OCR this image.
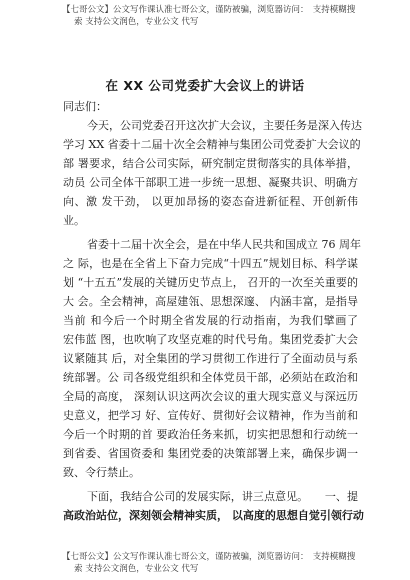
【七哥公文】公文写作课认准七哥公文，谨防被骗，浏览器访问：　支持模糊搜
索 支持公文润色，专业公文 代写
在 XX 公司党委扩大会议上的讲话
同志们：
今天，公司党委召开这次扩大会议，主要任务是深入传达
学习 XX 省委十二届十次全会精神与集团公司党委扩大会议的
部 署要求，结合公司实际，研究制定贯彻落实的具体举措，
动员 公司全体干部职工进一步统一思想、凝聚共识、明确方
向、激 发干劲， 以更加昂扬的姿态奋进新征程、开创新伟
业。
省委十二届十次全会，是在中华人民共和国成立 76 周年
之 际，也是在全省上下奋力完成“十四五”规划目标、科学谋
划 “十五五”发展的关键历史节点上， 召开的一次至关重要的
大 会。全会精神，高屋建瓴、思想深邃、 内涵丰富，是指导
当前 和今后一个时期全省发展的行动指南，为我们擘画了
宏伟蓝 图，也吹响了攻坚克难的时代号角。集团党委扩大会
议紧随其 后，对全集团的学习贯彻工作进行了全面动员与系
统部署。公 司各级党组织和全体党员干部，必须站在政治和
全局的高度， 深刻认识这两次会议的重大现实意义与深远历
史意义，把学习 好、宣传好、贯彻好会议精神，作为当前和
今后一个时期的首 要政治任务来抓，切实把思想和行动统一
到省委、省国资委和 集团党委的决策部署上来，确保步调一
致、令行禁止。
下面，我结合公司的发展实际，讲三点意见。　　一、提
高政治站位，深刻领会精神实质， 以高度的思想自觉引领行动
【七哥公文】公文写作课认准七哥公文，谨防被骗，浏览器访问：　支持模糊搜
索 支持公文润色，专业公文 代写
